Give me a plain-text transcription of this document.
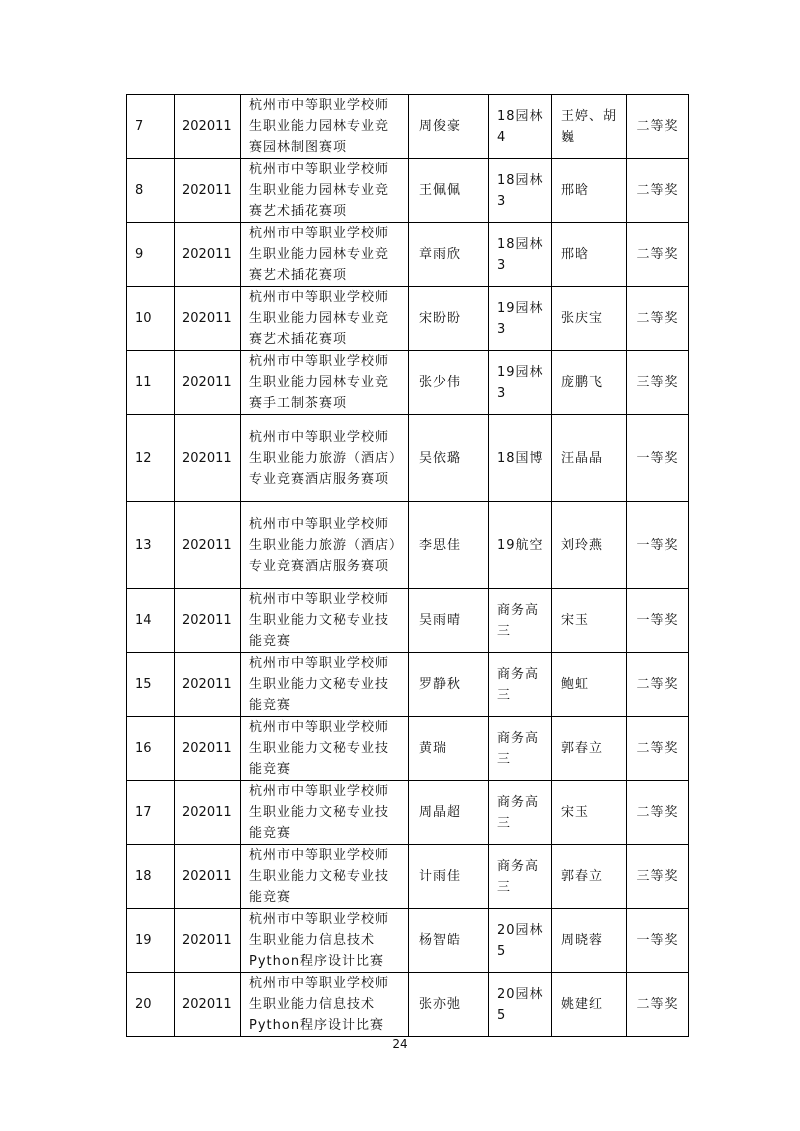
7	202011	杭州市中等职业学校师生职业能力园林专业竞赛园林制图赛项	周俊豪	18园林4	王婷、胡巍	二等奖
8	202011	杭州市中等职业学校师生职业能力园林专业竞赛艺术插花赛项	王佩佩	18园林3	邢晗	二等奖
9	202011	杭州市中等职业学校师生职业能力园林专业竞赛艺术插花赛项	章雨欣	18园林3	邢晗	二等奖
10	202011	杭州市中等职业学校师生职业能力园林专业竞赛艺术插花赛项	宋盼盼	19园林3	张庆宝	二等奖
11	202011	杭州市中等职业学校师生职业能力园林专业竞赛手工制茶赛项	张少伟	19园林3	庞鹏飞	三等奖
12	202011	杭州市中等职业学校师生职业能力旅游（酒店）专业竞赛酒店服务赛项	吴依璐	18国博	汪晶晶	一等奖
13	202011	杭州市中等职业学校师生职业能力旅游（酒店）专业竞赛酒店服务赛项	李思佳	19航空	刘玲燕	一等奖
14	202011	杭州市中等职业学校师生职业能力文秘专业技能竞赛	吴雨晴	商务高三	宋玉	一等奖
15	202011	杭州市中等职业学校师生职业能力文秘专业技能竞赛	罗静秋	商务高三	鲍虹	二等奖
16	202011	杭州市中等职业学校师生职业能力文秘专业技能竞赛	黄瑞	商务高三	郭春立	二等奖
17	202011	杭州市中等职业学校师生职业能力文秘专业技能竞赛	周晶超	商务高三	宋玉	二等奖
18	202011	杭州市中等职业学校师生职业能力文秘专业技能竞赛	计雨佳	商务高三	郭春立	三等奖
19	202011	杭州市中等职业学校师生职业能力信息技术Python程序设计比赛	杨智皓	20园林5	周晓蓉	一等奖
20	202011	杭州市中等职业学校师生职业能力信息技术Python程序设计比赛	张亦弛	20园林5	姚建红	二等奖
24
